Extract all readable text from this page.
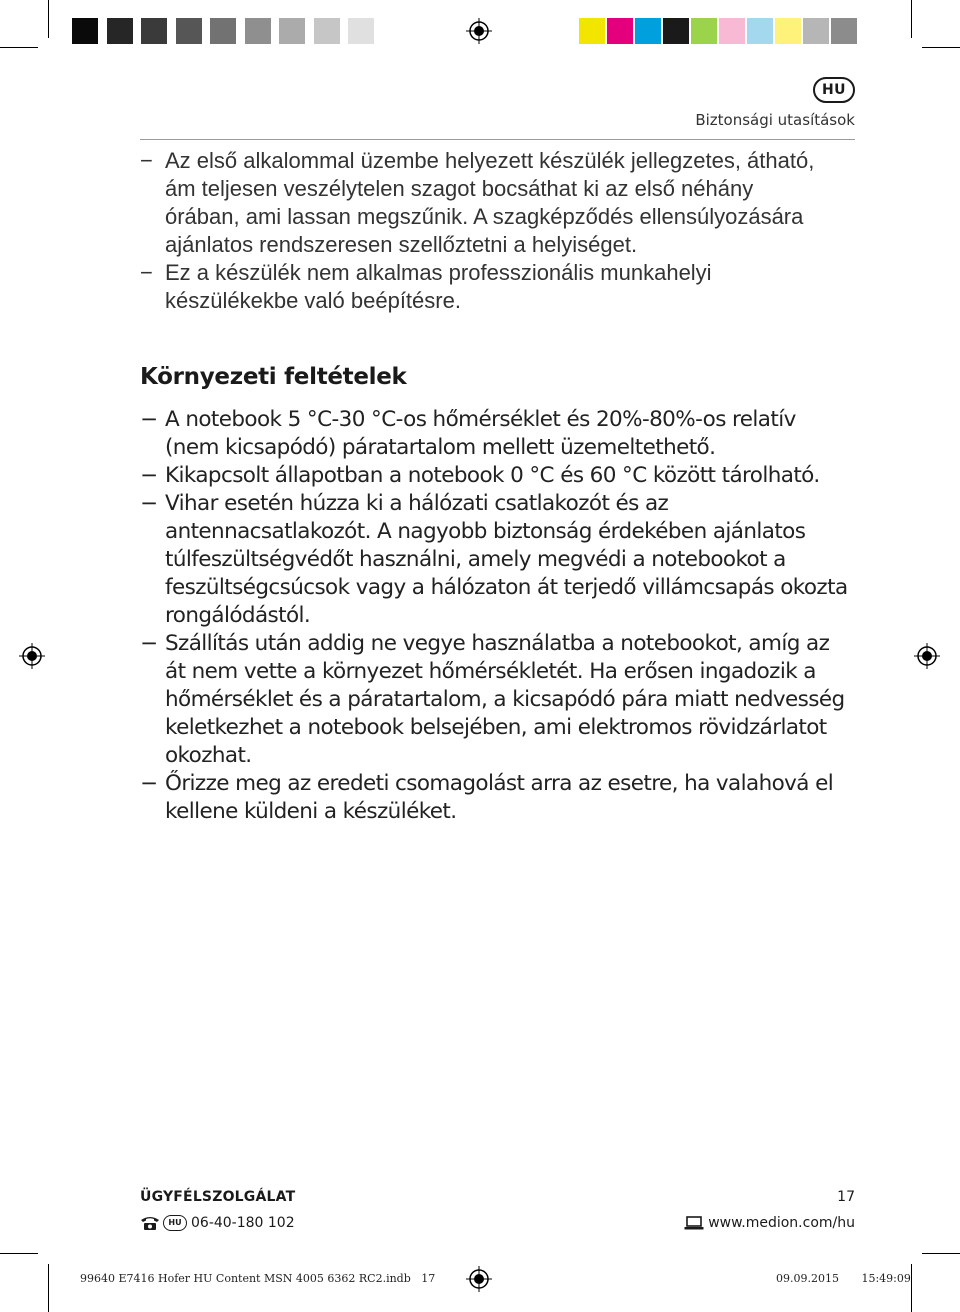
HU
Biztonsági utasítások
− Az első alkalommal üzembe helyezett készülék jellegzetes, átható, ám teljesen veszélytelen szagot bocsáthat ki az első néhány órában, ami lassan megszűnik. A szagképződés ellensúlyozására ajánlatos rendszeresen szellőztetni a helyiséget.
− Ez a készülék nem alkalmas professzionális munkahelyi készülékekbe való beépítésre.
Környezeti feltételek
− A notebook 5 °C-30 °C-os hőmérséklet és 20%-80%-os relatív (nem kicsapódó) páratartalom mellett üzemeltethető.
− Kikapcsolt állapotban a notebook 0 °C és 60 °C között tárolható.
− Vihar esetén húzza ki a hálózati csatlakozót és az antennacsatlakozót. A nagyobb biztonság érdekében ajánlatos túlfeszültségvédőt használni, amely megvédi a notebookot a feszültségcsúcsok vagy a hálózaton át terjedő villámcsapás okozta rongálódástól.
− Szállítás után addig ne vegye használatba a notebookot, amíg az át nem vette a környezet hőmérsékletét. Ha erősen ingadozik a hőmérséklet és a páratartalom, a kicsapódó pára miatt nedvesség keletkezhet a notebook belsejében, ami elektromos rövidzárlatot okozhat.
− Őrizze meg az eredeti csomagolást arra az esetre, ha valahová el kellene küldeni a készüléket.
ÜGYFÉLSZOLGÁLAT	17
HU 06-40-180 102	www.medion.com/hu
99640 E7416 Hofer HU Content MSN 4005 6362 RC2.indb   17	09.09.2015   15:49:09
